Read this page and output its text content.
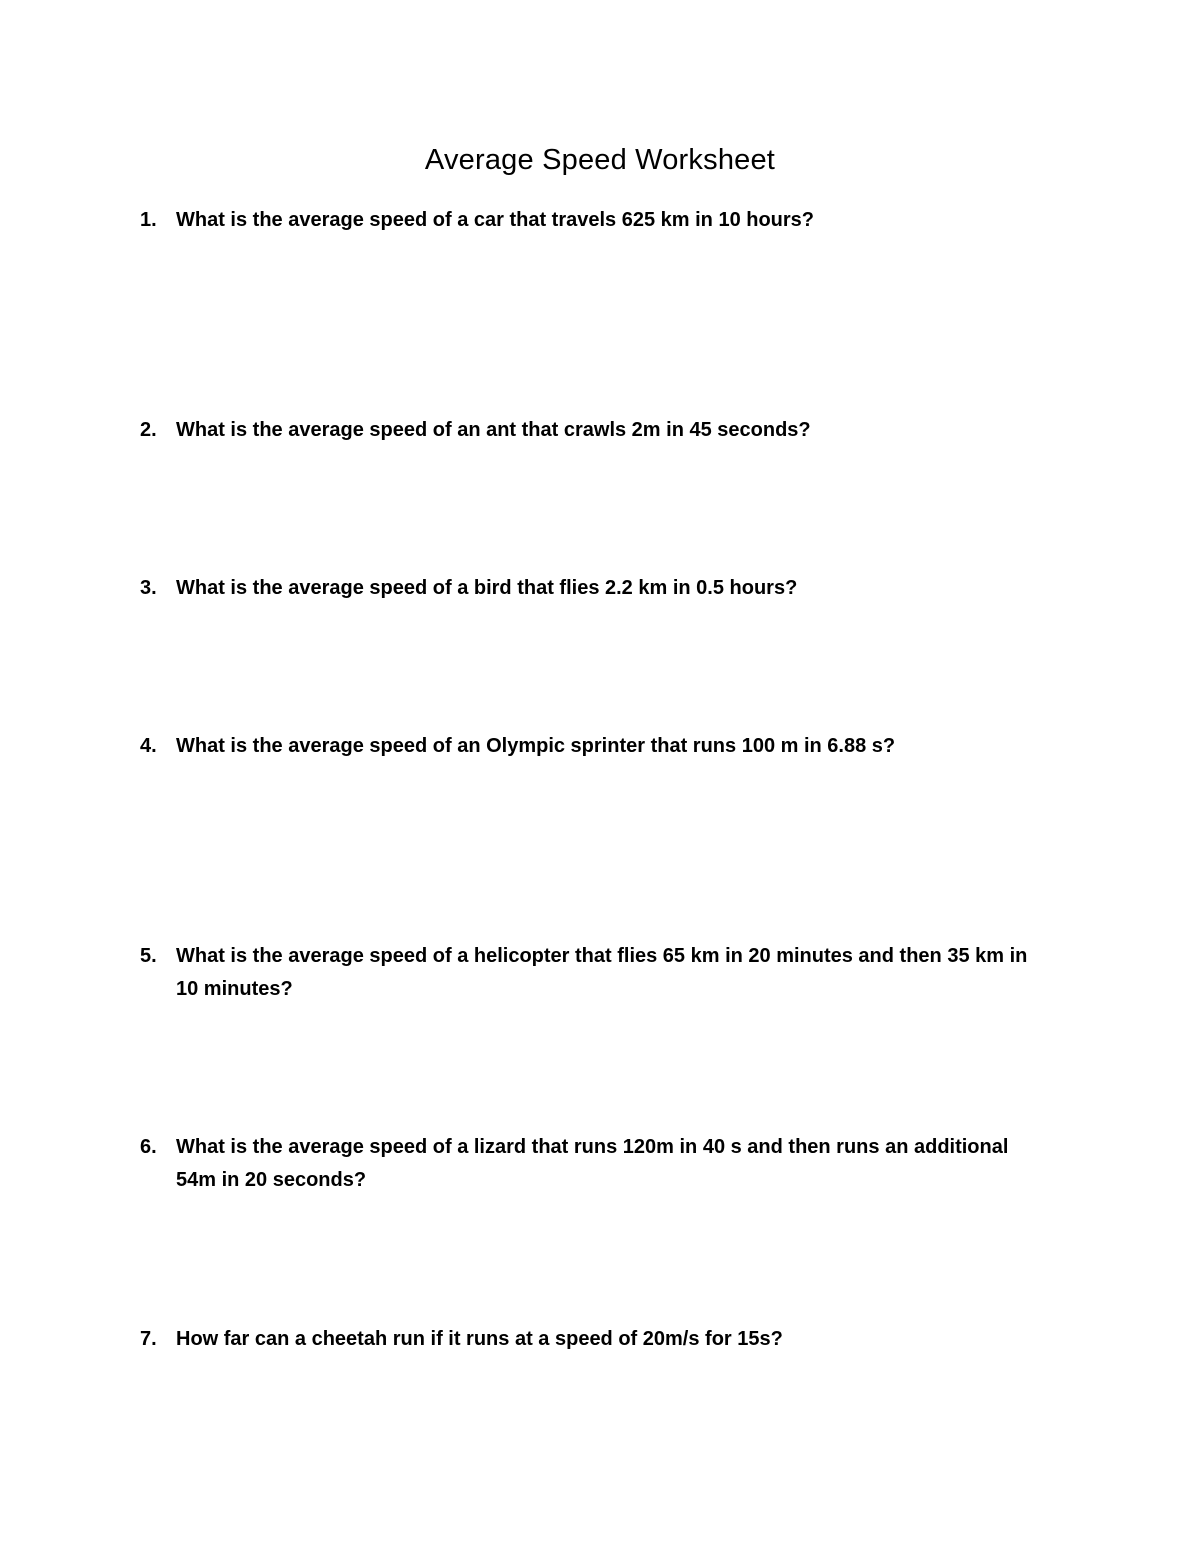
Average Speed Worksheet
1. What is the average speed of a car that travels 625 km in 10 hours?
2. What is the average speed of an ant that crawls 2m in 45 seconds?
3. What is the average speed of a bird that flies 2.2 km in 0.5 hours?
4. What is the average speed of an Olympic sprinter that runs 100 m in 6.88 s?
5. What is the average speed of a helicopter that flies 65 km in 20 minutes and then 35 km in
10 minutes?
6. What is the average speed of a lizard that runs 120m in 40 s and then runs an additional
54m in 20 seconds?
7. How far can a cheetah run if it runs at a speed of 20m/s for 15s?
